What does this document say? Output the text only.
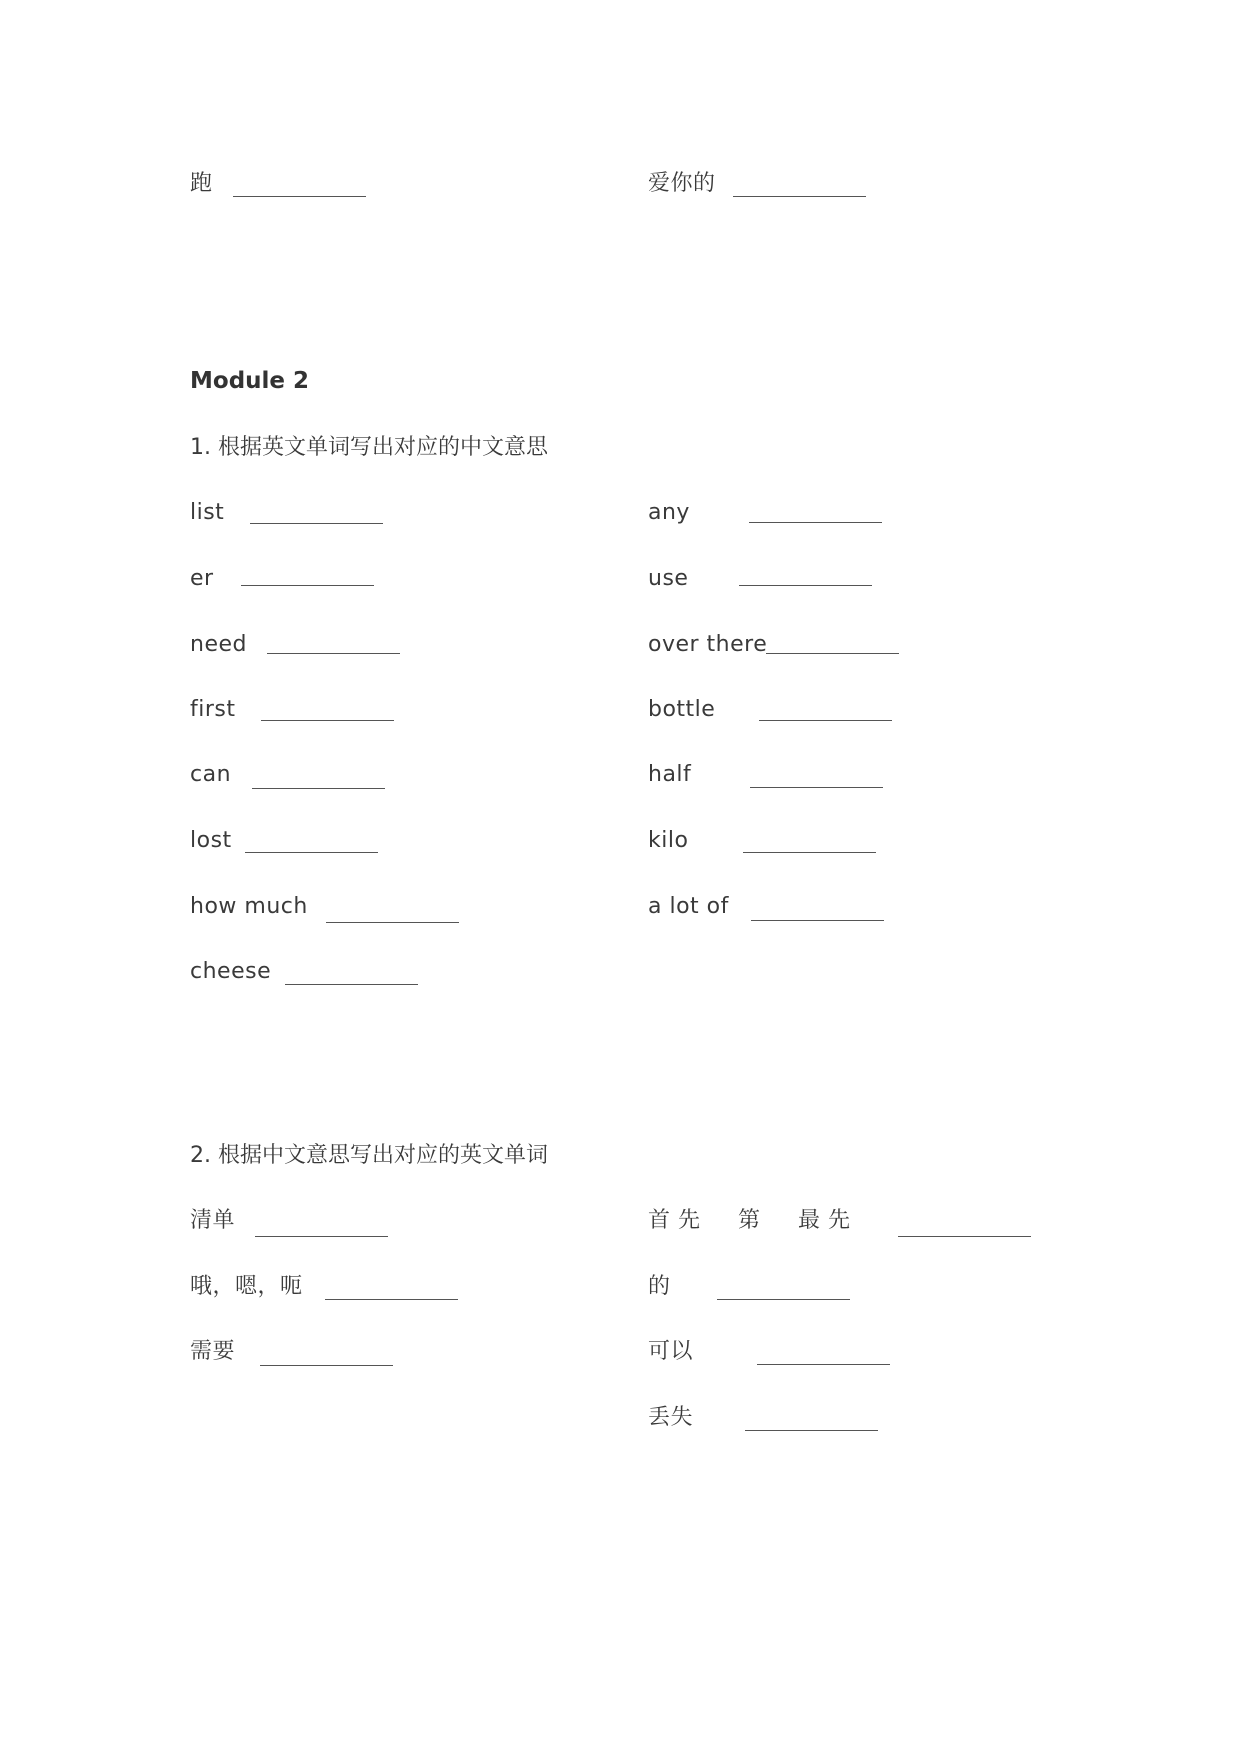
跑	爱你的
Module 2
1. 根据英文单词写出对应的中文意思
list
er
need
first
can
lost
how much
cheese
any
use
over there
bottle
half
kilo
a lot of
2. 根据中文意思写出对应的英文单词
清单
哦，嗯，呃
需要
首先　第　最先
的
可以
丢失
